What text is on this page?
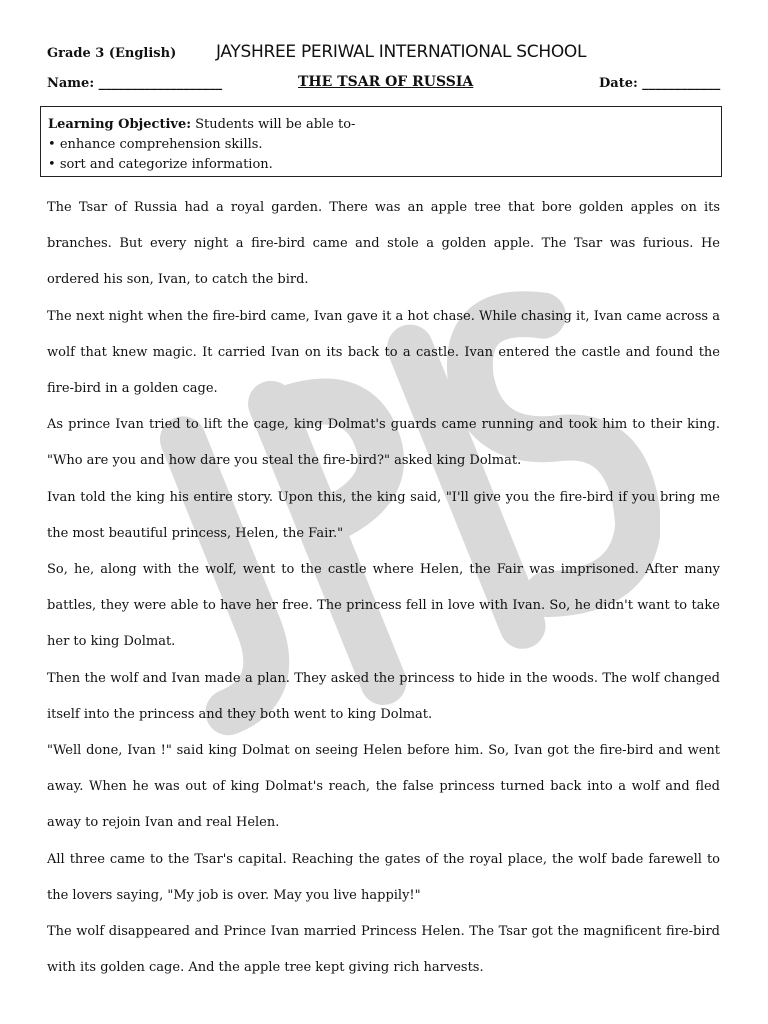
Grade 3 (English) JAYSHREE PERIWAL INTERNATIONAL SCHOOL
Name: ___________________	THE TSAR OF RUSSIA	Date: ____________
Learning Objective: Students will be able to-
• enhance comprehension skills.
• sort and categorize information.

The Tsar of Russia had a royal garden. There was an apple tree that bore golden apples on its branches. But every night a fire-bird came and stole a golden apple. The Tsar was furious. He ordered his son, Ivan, to catch the bird.

The next night when the fire-bird came, Ivan gave it a hot chase. While chasing it, Ivan came across a wolf that knew magic. It carried Ivan on its back to a castle. Ivan entered the castle and found the fire-bird in a golden cage.

As prince Ivan tried to lift the cage, king Dolmat's guards came running and took him to their king. "Who are you and how dare you steal the fire-bird?" asked king Dolmat.

Ivan told the king his entire story. Upon this, the king said, "I'll give you the fire-bird if you bring me the most beautiful princess, Helen, the Fair."

So, he, along with the wolf, went to the castle where Helen, the Fair was imprisoned. After many battles, they were able to have her free. The princess fell in love with Ivan. So, he didn't want to take her to king Dolmat.

Then the wolf and Ivan made a plan. They asked the princess to hide in the woods. The wolf changed itself into the princess and they both went to king Dolmat.

"Well done, Ivan !" said king Dolmat on seeing Helen before him. So, Ivan got the fire-bird and went away. When he was out of king Dolmat's reach, the false princess turned back into a wolf and fled away to rejoin Ivan and real Helen.

All three came to the Tsar's capital. Reaching the gates of the royal place, the wolf bade farewell to the lovers saying, "My job is over. May you live happily!"

The wolf disappeared and Prince Ivan married Princess Helen. The Tsar got the magnificent fire-bird with its golden cage. And the apple tree kept giving rich harvests.
